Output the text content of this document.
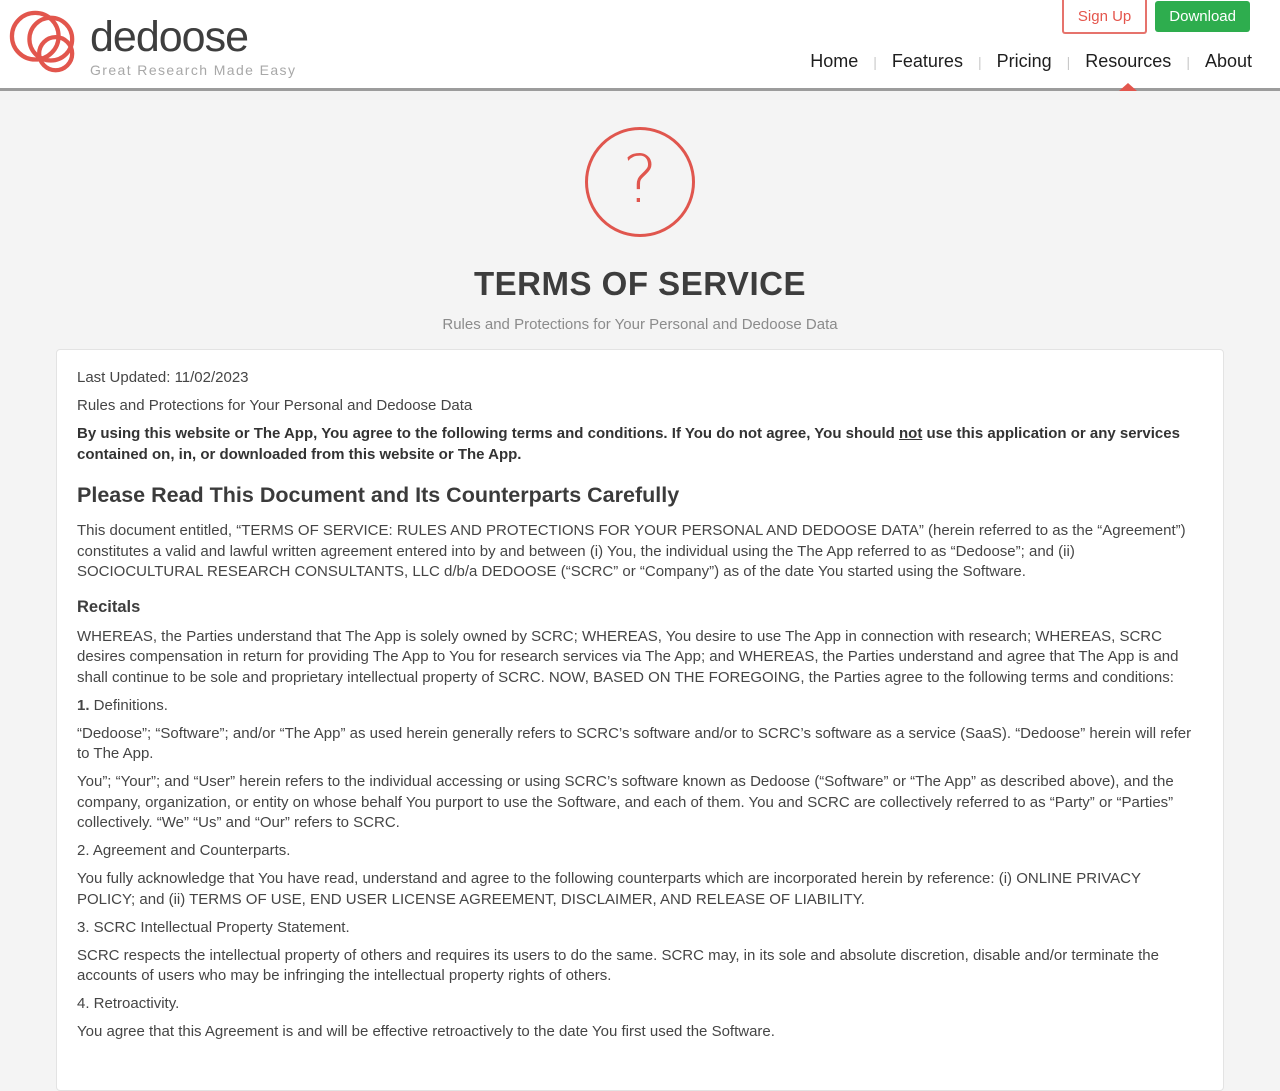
dedoose
Great Research Made Easy
Sign Up	Download
Home | Features | Pricing | Resources | About
?
TERMS OF SERVICE
Rules and Protections for Your Personal and Dedoose Data

Last Updated: 11/02/2023

Rules and Protections for Your Personal and Dedoose Data

By using this website or The App, You agree to the following terms and conditions. If You do not agree, You should not use this application or any services contained on, in, or downloaded from this website or The App.

Please Read This Document and Its Counterparts Carefully

This document entitled, “TERMS OF SERVICE: RULES AND PROTECTIONS FOR YOUR PERSONAL AND DEDOOSE DATA” (herein referred to as the “Agreement”) constitutes a valid and lawful written agreement entered into by and between (i) You, the individual using the The App referred to as “Dedoose”; and (ii) SOCIOCULTURAL RESEARCH CONSULTANTS, LLC d/b/a DEDOOSE (“SCRC” or “Company”) as of the date You started using the Software.

Recitals

WHEREAS, the Parties understand that The App is solely owned by SCRC; WHEREAS, You desire to use The App in connection with research; WHEREAS, SCRC desires compensation in return for providing The App to You for research services via The App; and WHEREAS, the Parties understand and agree that The App is and shall continue to be sole and proprietary intellectual property of SCRC. NOW, BASED ON THE FOREGOING, the Parties agree to the following terms and conditions:

1. Definitions.

“Dedoose”; “Software”; and/or “The App” as used herein generally refers to SCRC’s software and/or to SCRC’s software as a service (SaaS). “Dedoose” herein will refer to The App.

You”; “Your”; and “User” herein refers to the individual accessing or using SCRC’s software known as Dedoose (“Software” or “The App” as described above), and the company, organization, or entity on whose behalf You purport to use the Software, and each of them. You and SCRC are collectively referred to as “Party” or “Parties” collectively. “We” “Us” and “Our” refers to SCRC.

2. Agreement and Counterparts.

You fully acknowledge that You have read, understand and agree to the following counterparts which are incorporated herein by reference: (i) ONLINE PRIVACY POLICY; and (ii) TERMS OF USE, END USER LICENSE AGREEMENT, DISCLAIMER, AND RELEASE OF LIABILITY.

3. SCRC Intellectual Property Statement.

SCRC respects the intellectual property of others and requires its users to do the same. SCRC may, in its sole and absolute discretion, disable and/or terminate the accounts of users who may be infringing the intellectual property rights of others.

4. Retroactivity.

You agree that this Agreement is and will be effective retroactively to the date You first used the Software.
